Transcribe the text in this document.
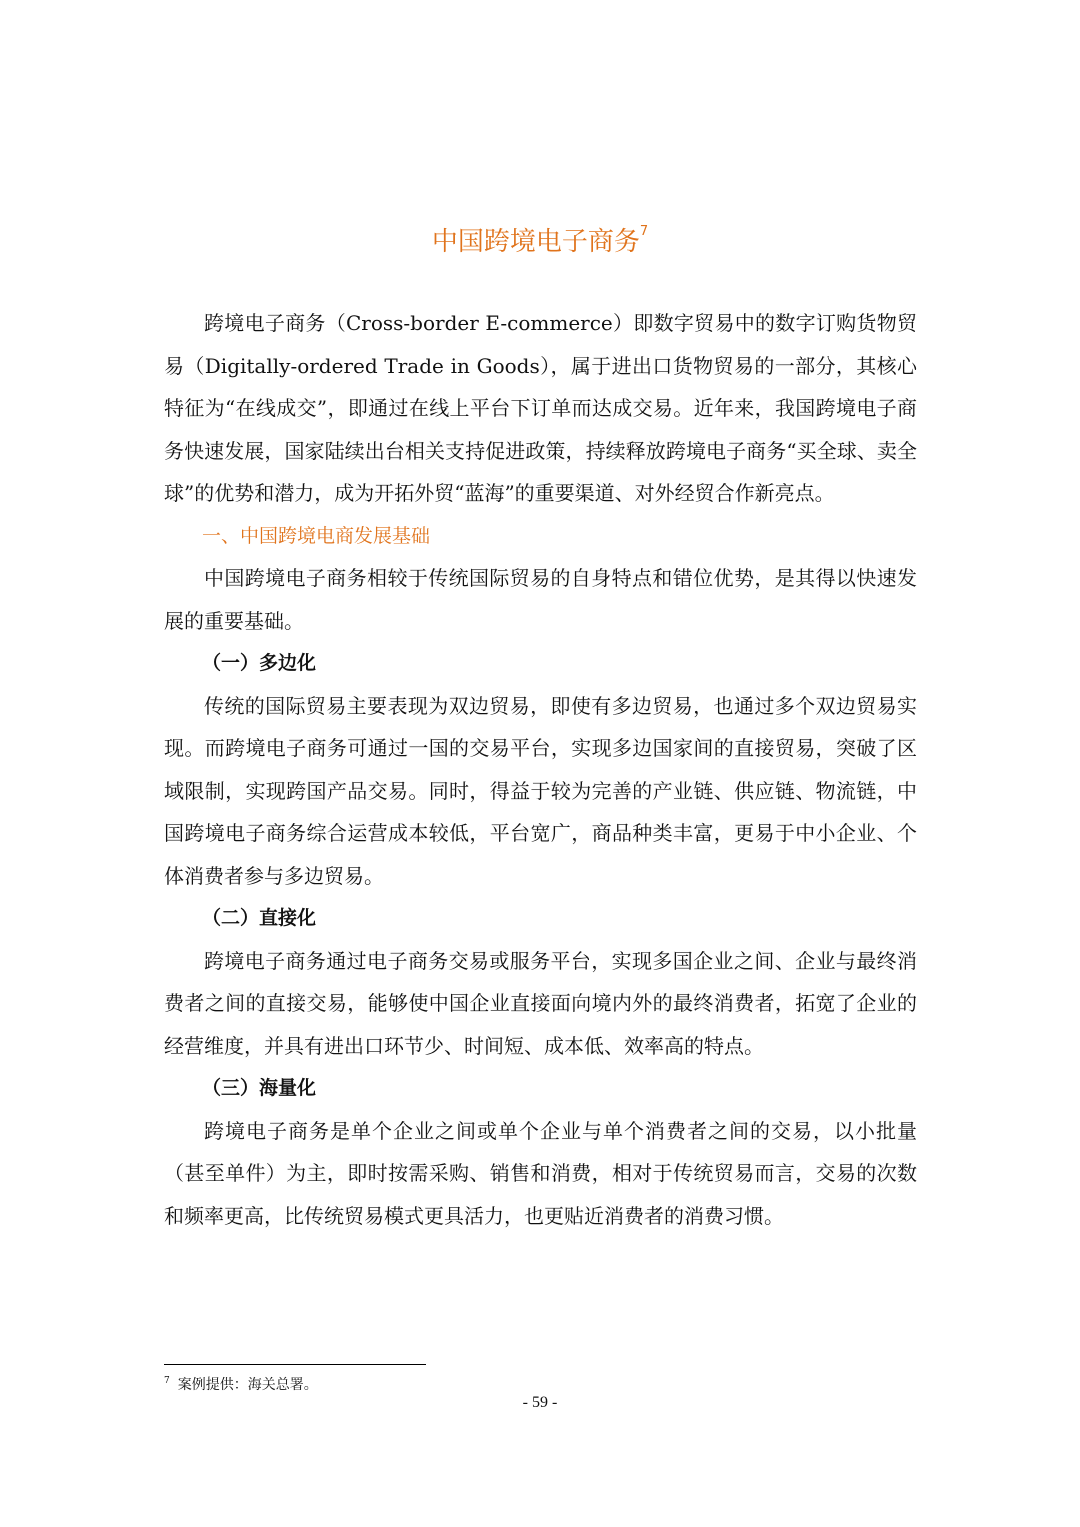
中国跨境电子商务$^7$

跨境电子商务（Cross-border E-commerce）即数字贸易中的数字订购货物贸易（Digitally-ordered Trade in Goods），属于进出口货物贸易的一部分，其核心特征为“在线成交”，即通过在线上平台下订单而达成交易。近年来，我国跨境电子商务快速发展，国家陆续出台相关支持促进政策，持续释放跨境电子商务“买全球、卖全球”的优势和潜力，成为开拓外贸“蓝海”的重要渠道、对外经贸合作新亮点。

一、中国跨境电商发展基础

中国跨境电子商务相较于传统国际贸易的自身特点和错位优势，是其得以快速发展的重要基础。

（一）多边化

传统的国际贸易主要表现为双边贸易，即使有多边贸易，也通过多个双边贸易实现。而跨境电子商务可通过一国的交易平台，实现多边国家间的直接贸易，突破了区域限制，实现跨国产品交易。同时，得益于较为完善的产业链、供应链、物流链，中国跨境电子商务综合运营成本较低，平台宽广，商品种类丰富，更易于中小企业、个体消费者参与多边贸易。

（二）直接化

跨境电子商务通过电子商务交易或服务平台，实现多国企业之间、企业与最终消费者之间的直接交易，能够使中国企业直接面向境内外的最终消费者，拓宽了企业的经营维度，并具有进出口环节少、时间短、成本低、效率高的特点。

（三）海量化

跨境电子商务是单个企业之间或单个企业与单个消费者之间的交易，以小批量（甚至单件）为主，即时按需采购、销售和消费，相对于传统贸易而言，交易的次数和频率更高，比传统贸易模式更具活力，也更贴近消费者的消费习惯。

$^7$ 案例提供：海关总署。
- 59 -
